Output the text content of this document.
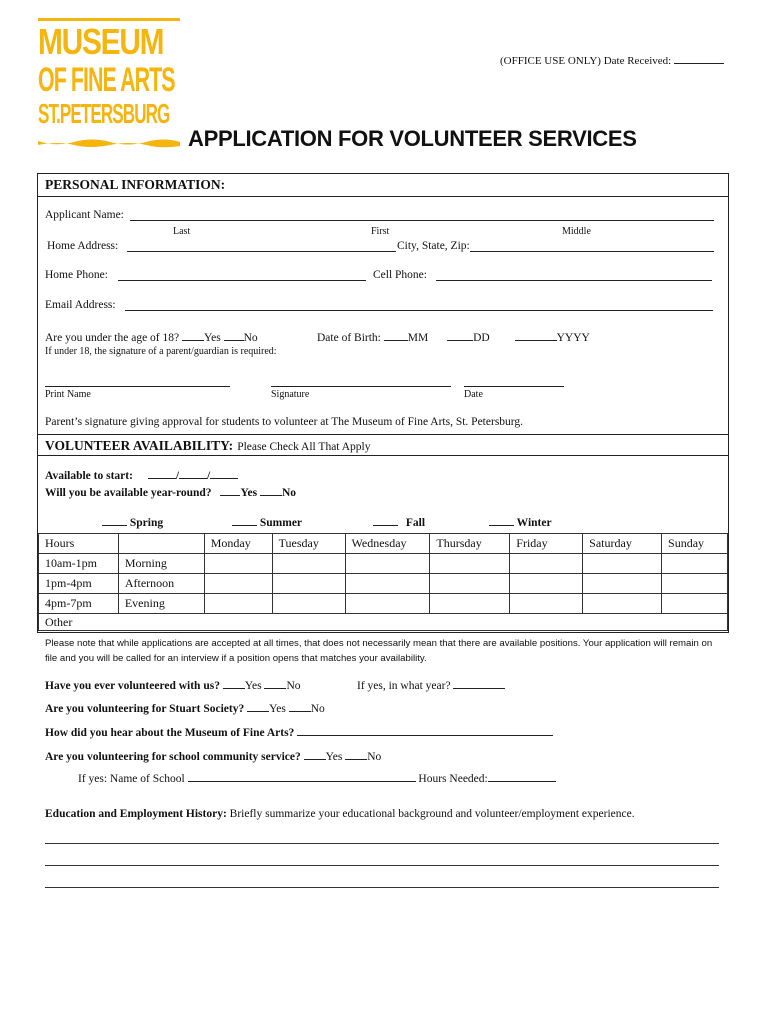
MUSEUM
OF FINE ARTS
ST.PETERSBURG
(OFFICE USE ONLY) Date Received:
APPLICATION FOR VOLUNTEER SERVICES
PERSONAL INFORMATION:
Applicant Name:
Last	First	Middle
Home Address:	City, State, Zip:
Home Phone:	Cell Phone:
Email Address:
Are you under the age of 18? Yes No	Date of Birth: MM	DD	YYYY
If under 18, the signature of a parent/guardian is required:
Print Name	Signature	Date
Parent’s signature giving approval for students to volunteer at The Museum of Fine Arts, St. Petersburg.
VOLUNTEER AVAILABILITY: Please Check All That Apply
Available to start:	/ /
Will you be available year-round?	Yes No
Spring	Summer	Fall	Winter
Hours		Monday	Tuesday	Wednesday	Thursday	Friday	Saturday	Sunday
10am-1pm	Morning							
1pm-4pm	Afternoon							
4pm-7pm	Evening							
Other								
Please note that while applications are accepted at all times, that does not necessarily mean that there are available positions. Your application will remain on file and you will be called for an interview if a position opens that matches your availability.
Have you ever volunteered with us? Yes No	If yes, in what year?
Are you volunteering for Stuart Society? Yes No
How did you hear about the Museum of Fine Arts?
Are you volunteering for school community service? Yes No
If yes: Name of School	Hours Needed:
Education and Employment History: Briefly summarize your educational background and volunteer/employment experience.
